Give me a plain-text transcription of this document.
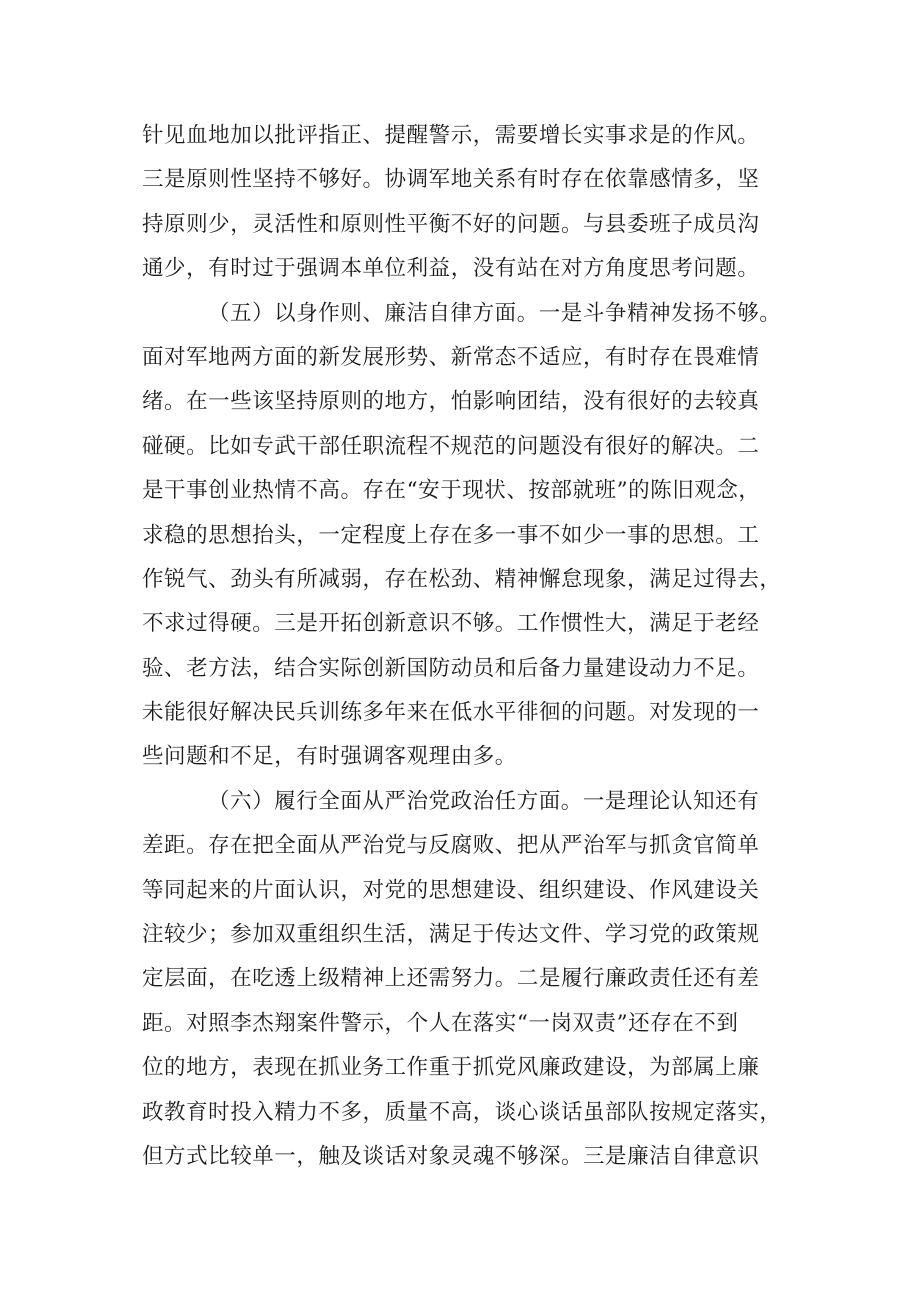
针见血地加以批评指正、提醒警示，需要增长实事求是的作风。
三是原则性坚持不够好。协调军地关系有时存在依靠感情多，坚
持原则少，灵活性和原则性平衡不好的问题。与县委班子成员沟
通少，有时过于强调本单位利益，没有站在对方角度思考问题。
（五）以身作则、廉洁自律方面。一是斗争精神发扬不够。
面对军地两方面的新发展形势、新常态不适应，有时存在畏难情
绪。在一些该坚持原则的地方，怕影响团结，没有很好的去较真
碰硬。比如专武干部任职流程不规范的问题没有很好的解决。二
是干事创业热情不高。存在“安于现状、按部就班”的陈旧观念，
求稳的思想抬头，一定程度上存在多一事不如少一事的思想。工
作锐气、劲头有所减弱，存在松劲、精神懈怠现象，满足过得去，
不求过得硬。三是开拓创新意识不够。工作惯性大，满足于老经
验、老方法，结合实际创新国防动员和后备力量建设动力不足。
未能很好解决民兵训练多年来在低水平徘徊的问题。对发现的一
些问题和不足，有时强调客观理由多。
（六）履行全面从严治党政治任方面。一是理论认知还有
差距。存在把全面从严治党与反腐败、把从严治军与抓贪官简单
等同起来的片面认识，对党的思想建设、组织建设、作风建设关
注较少；参加双重组织生活，满足于传达文件、学习党的政策规
定层面，在吃透上级精神上还需努力。二是履行廉政责任还有差
距。对照李杰翔案件警示，个人在落实“一岗双责”还存在不到
位的地方，表现在抓业务工作重于抓党风廉政建设，为部属上廉
政教育时投入精力不多，质量不高，谈心谈话虽部队按规定落实，
但方式比较单一，触及谈话对象灵魂不够深。三是廉洁自律意识
